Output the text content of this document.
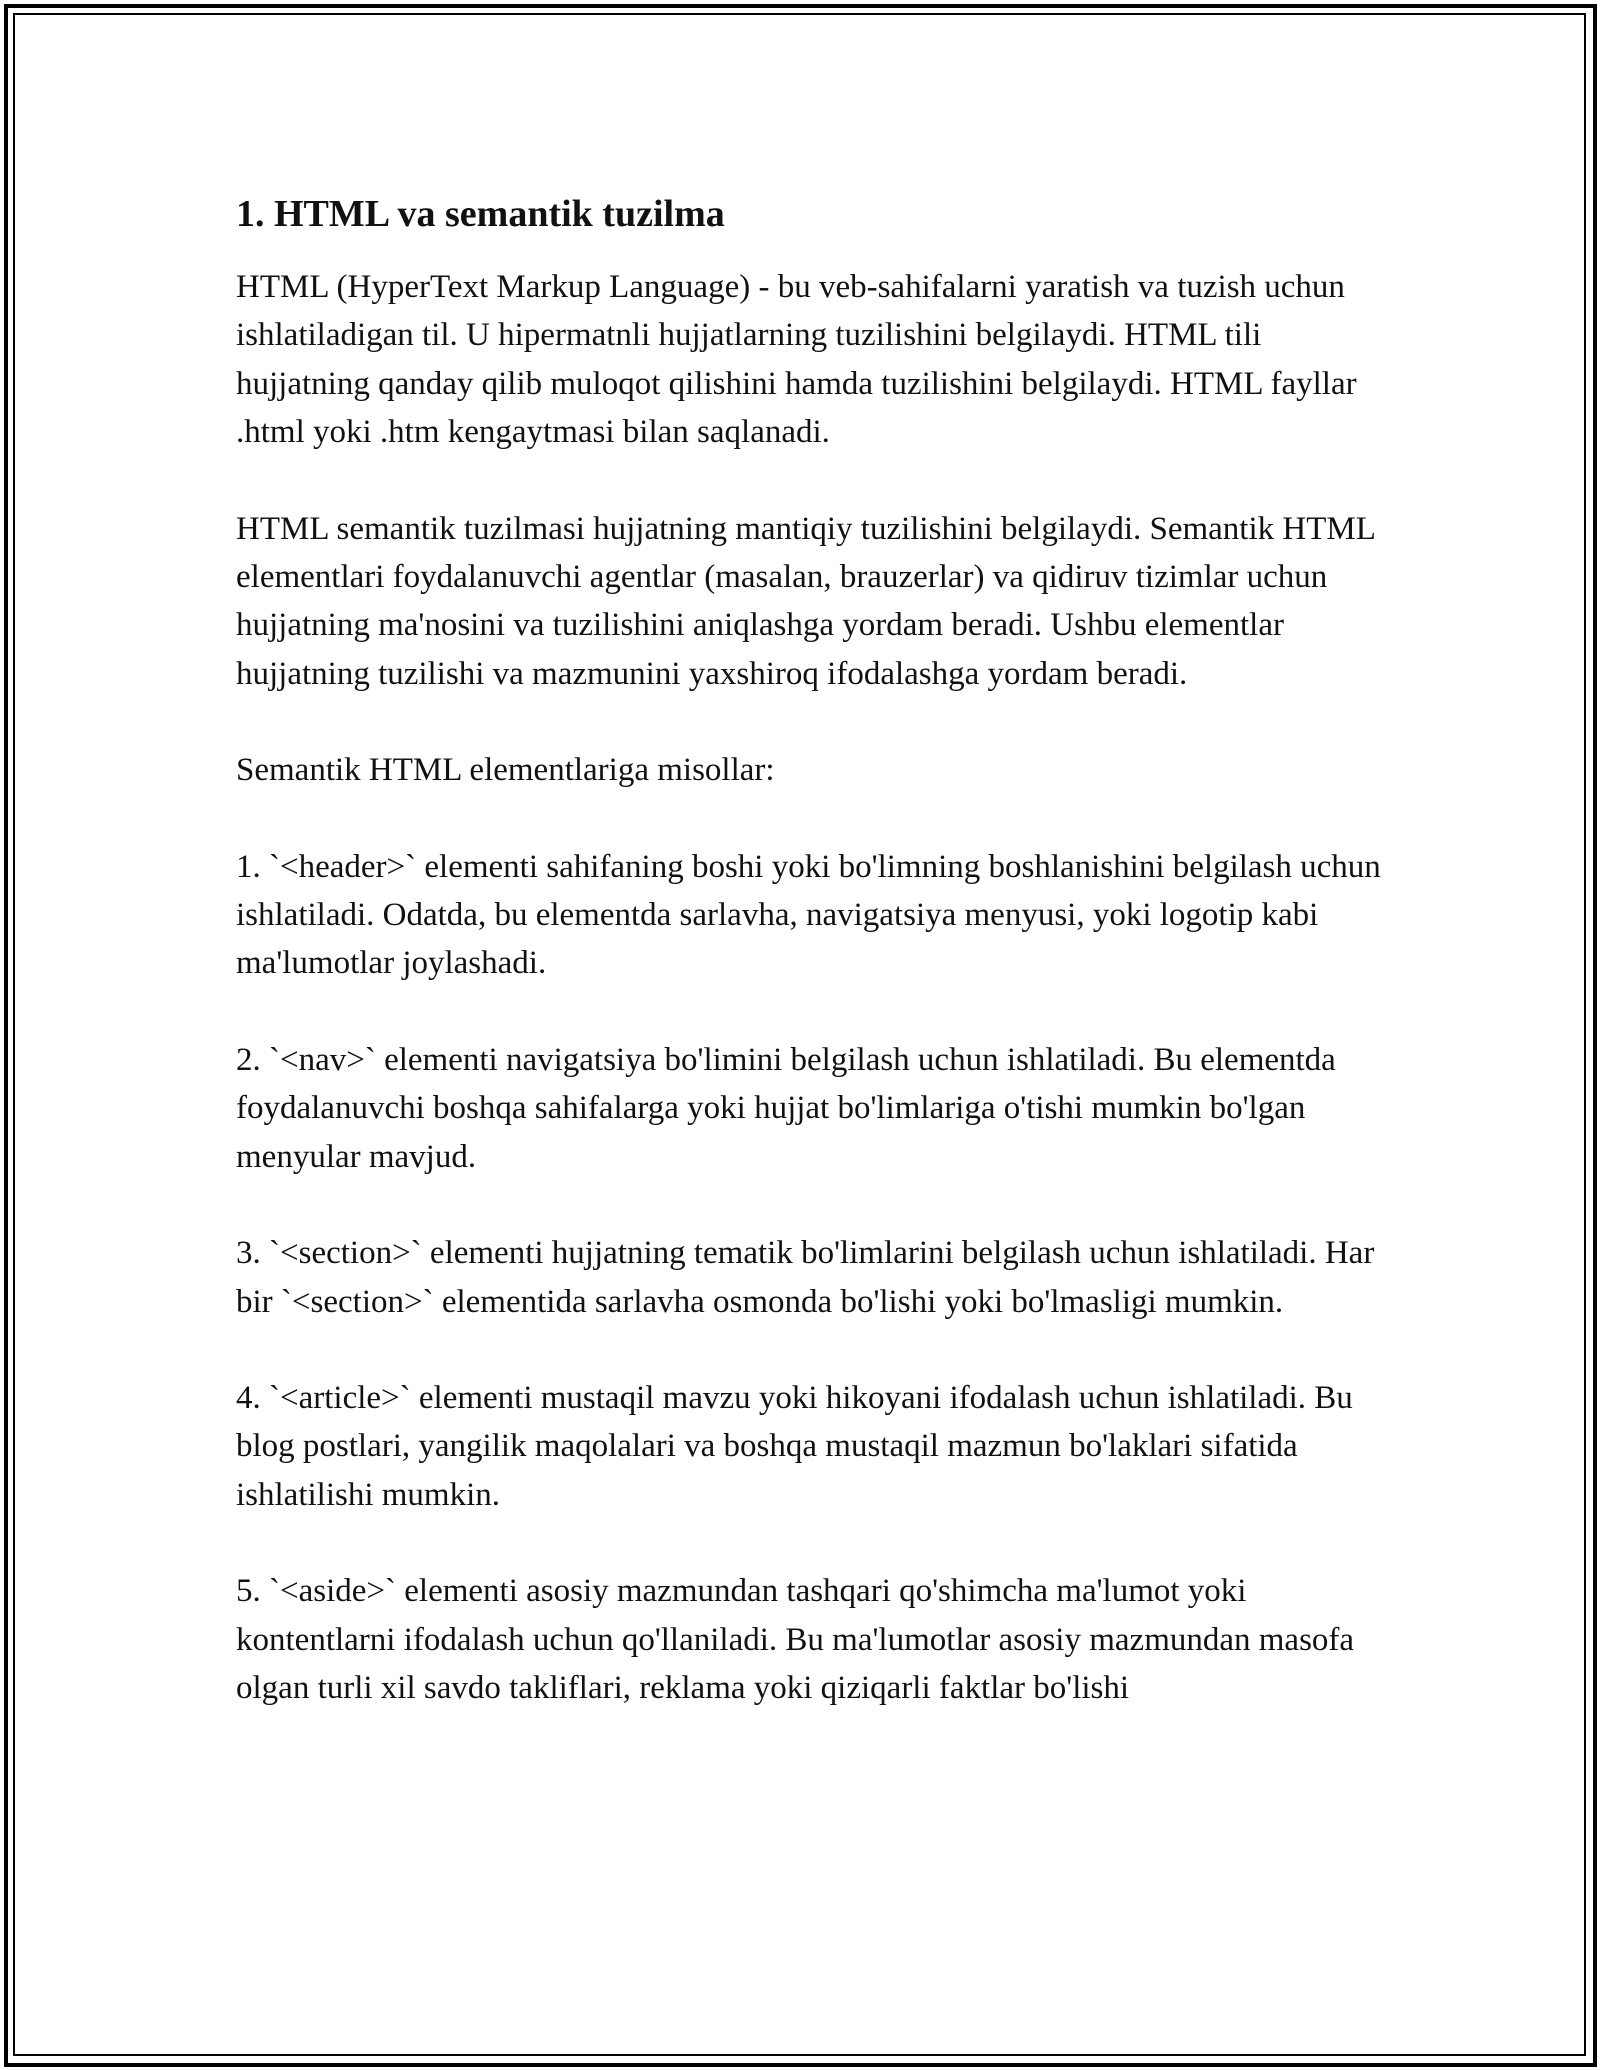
1. HTML va semantik tuzilma

HTML (HyperText Markup Language) - bu veb-sahifalarni yaratish va tuzish uchun ishlatiladigan til. U hipermatnli hujjatlarning tuzilishini belgilaydi. HTML tili hujjatning qanday qilib muloqot qilishini hamda tuzilishini belgilaydi. HTML fayllar .html yoki .htm kengaytmasi bilan saqlanadi.

HTML semantik tuzilmasi hujjatning mantiqiy tuzilishini belgilaydi. Semantik HTML elementlari foydalanuvchi agentlar (masalan, brauzerlar) va qidiruv tizimlar uchun hujjatning ma'nosini va tuzilishini aniqlashga yordam beradi. Ushbu elementlar hujjatning tuzilishi va mazmunini yaxshiroq ifodalashga yordam beradi.

Semantik HTML elementlariga misollar:

1. `<header>` elementi sahifaning boshi yoki bo'limning boshlanishini belgilash uchun ishlatiladi. Odatda, bu elementda sarlavha, navigatsiya menyusi, yoki logotip kabi ma'lumotlar joylashadi.

2. `<nav>` elementi navigatsiya bo'limini belgilash uchun ishlatiladi. Bu elementda foydalanuvchi boshqa sahifalarga yoki hujjat bo'limlariga o'tishi mumkin bo'lgan menyular mavjud.

3. `<section>` elementi hujjatning tematik bo'limlarini belgilash uchun ishlatiladi. Har bir `<section>` elementida sarlavha osmonda bo'lishi yoki bo'lmasligi mumkin.

4. `<article>` elementi mustaqil mavzu yoki hikoyani ifodalash uchun ishlatiladi. Bu blog postlari, yangilik maqolalari va boshqa mustaqil mazmun bo'laklari sifatida ishlatilishi mumkin.

5. `<aside>` elementi asosiy mazmundan tashqari qo'shimcha ma'lumot yoki kontentlarni ifodalash uchun qo'llaniladi. Bu ma'lumotlar asosiy mazmundan masofa olgan turli xil savdo takliflari, reklama yoki qiziqarli faktlar bo'lishi
